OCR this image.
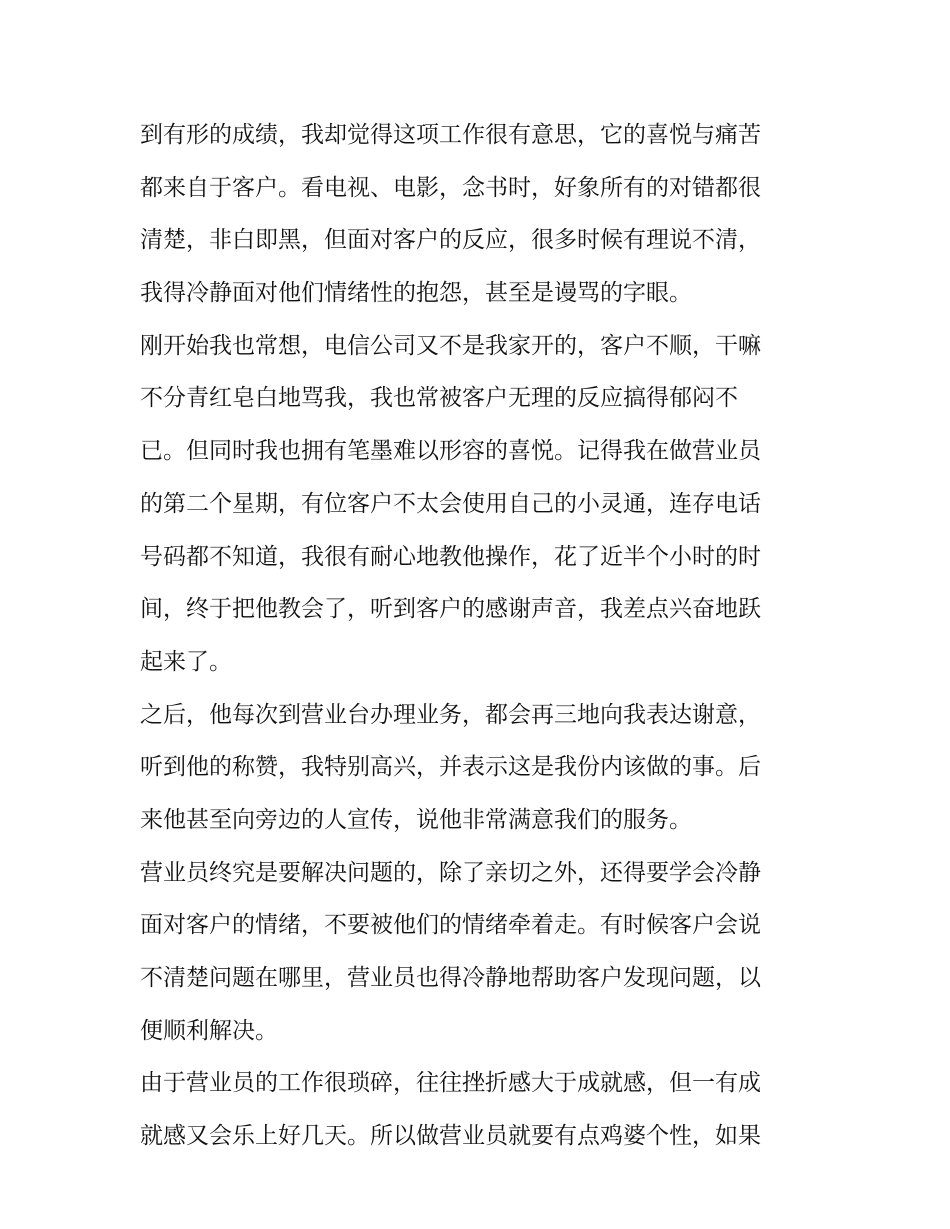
到有形的成绩，我却觉得这项工作很有意思，它的喜悦与痛苦
都来自于客户。看电视、电影，念书时，好象所有的对错都很
清楚，非白即黑，但面对客户的反应，很多时候有理说不清，
我得冷静面对他们情绪性的抱怨，甚至是谩骂的字眼。
刚开始我也常想，电信公司又不是我家开的，客户不顺，干嘛
不分青红皂白地骂我，我也常被客户无理的反应搞得郁闷不
已。但同时我也拥有笔墨难以形容的喜悦。记得我在做营业员
的第二个星期，有位客户不太会使用自己的小灵通，连存电话
号码都不知道，我很有耐心地教他操作，花了近半个小时的时
间，终于把他教会了，听到客户的感谢声音，我差点兴奋地跃
起来了。
之后，他每次到营业台办理业务，都会再三地向我表达谢意，
听到他的称赞，我特别高兴，并表示这是我份内该做的事。后
来他甚至向旁边的人宣传，说他非常满意我们的服务。
营业员终究是要解决问题的，除了亲切之外，还得要学会冷静
面对客户的情绪，不要被他们的情绪牵着走。有时候客户会说
不清楚问题在哪里，营业员也得冷静地帮助客户发现问题，以
便顺利解决。
由于营业员的工作很琐碎，往往挫折感大于成就感，但一有成
就感又会乐上好几天。所以做营业员就要有点鸡婆个性，如果
